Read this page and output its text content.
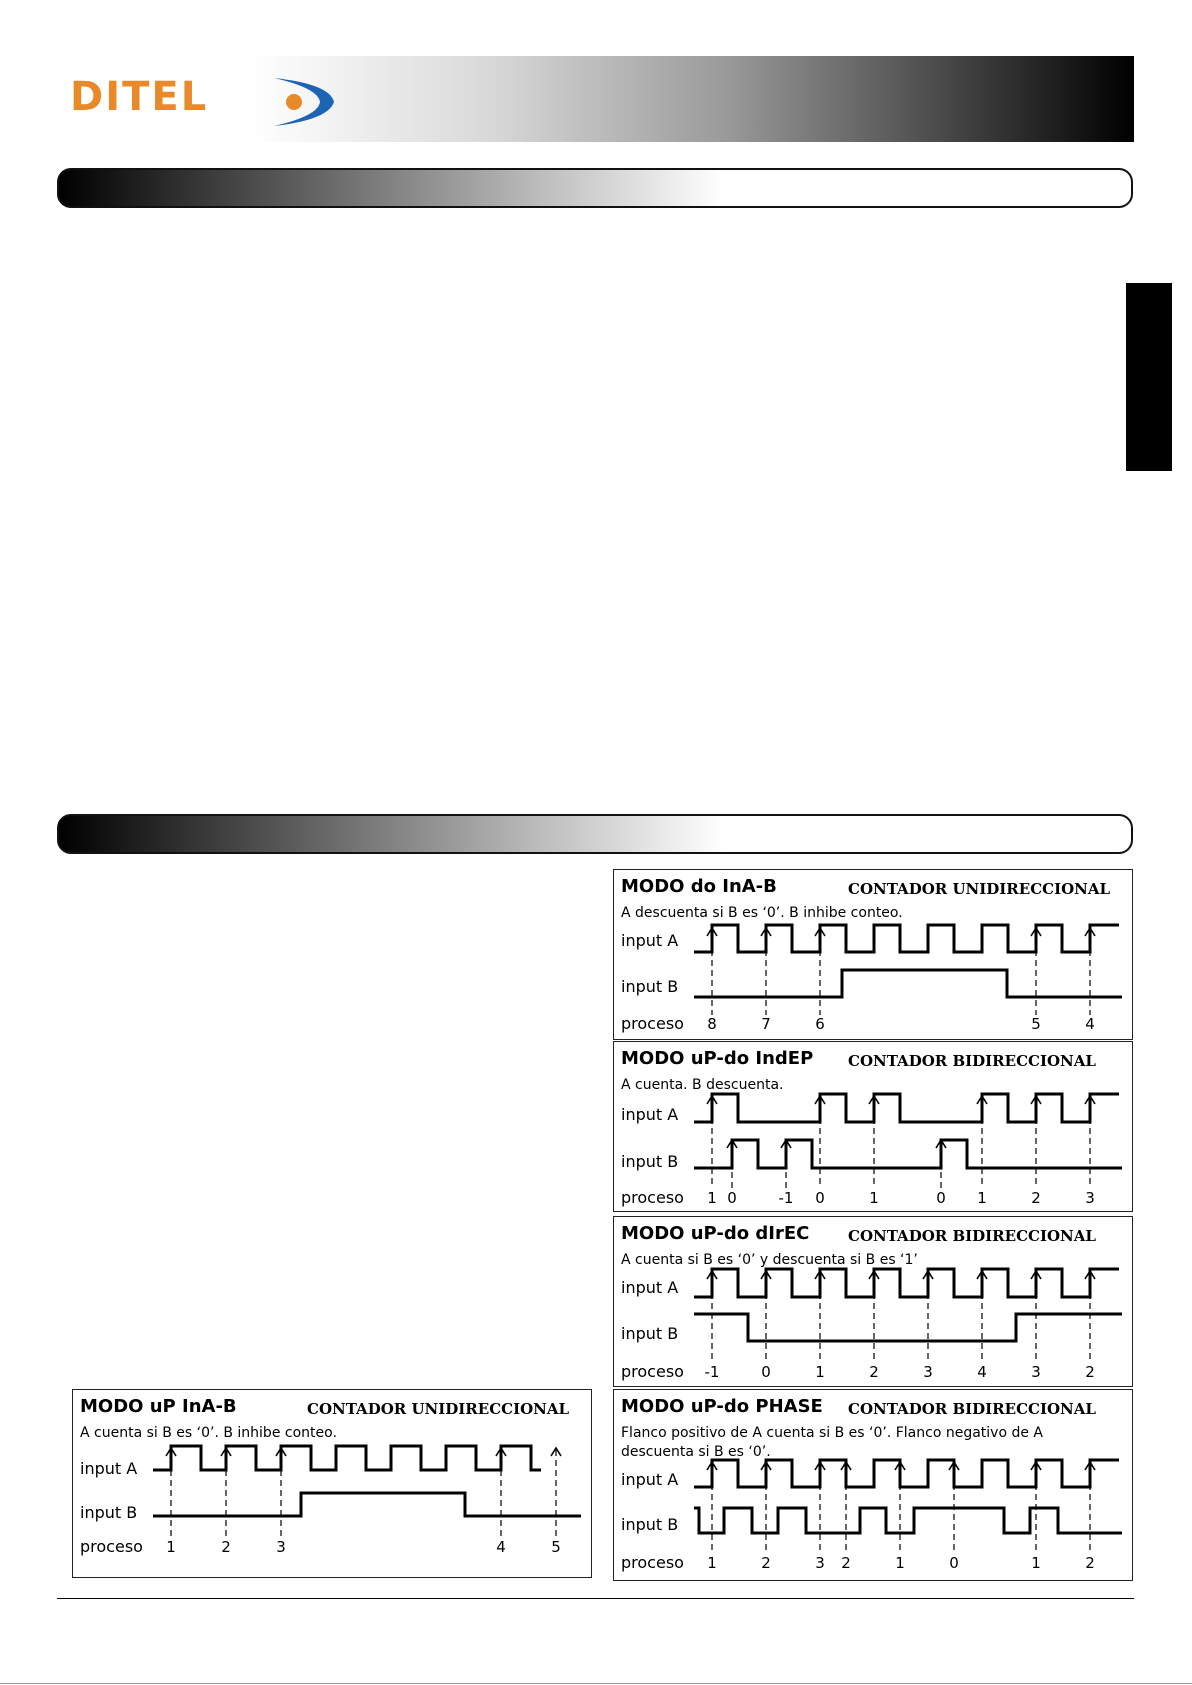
DITEL
MODO uP InA-B	CONTADOR UNIDIRECCIONAL
A cuenta si B es ‘0’. B inhibe conteo.
input A
input B
proceso 1	2	3	4	5
MODO do InA-B	CONTADOR UNIDIRECCIONAL
A descuenta si B es ‘0’. B inhibe conteo.
input A
input B
proceso 8	7	6	5	4
MODO uP-do IndEP CONTADOR BIDIRECCIONAL
A cuenta. B descuenta.
input A
input B
proceso 1 0	-1 0	1	0 1	2	3
MODO uP-do dIrEC	CONTADOR BIDIRECCIONAL
A cuenta si B es ‘0’ y descuenta si B es ‘1’
input A
input B
proceso -1	0	1	2	3	4	3	2
MODO uP-do PHASE CONTADOR BIDIRECCIONAL
Flanco positivo de A cuenta si B es ‘0’. Flanco negativo de A descuenta si B es ‘0’.
input A
input B
proceso 1	2	3 2	1	0	1	2
